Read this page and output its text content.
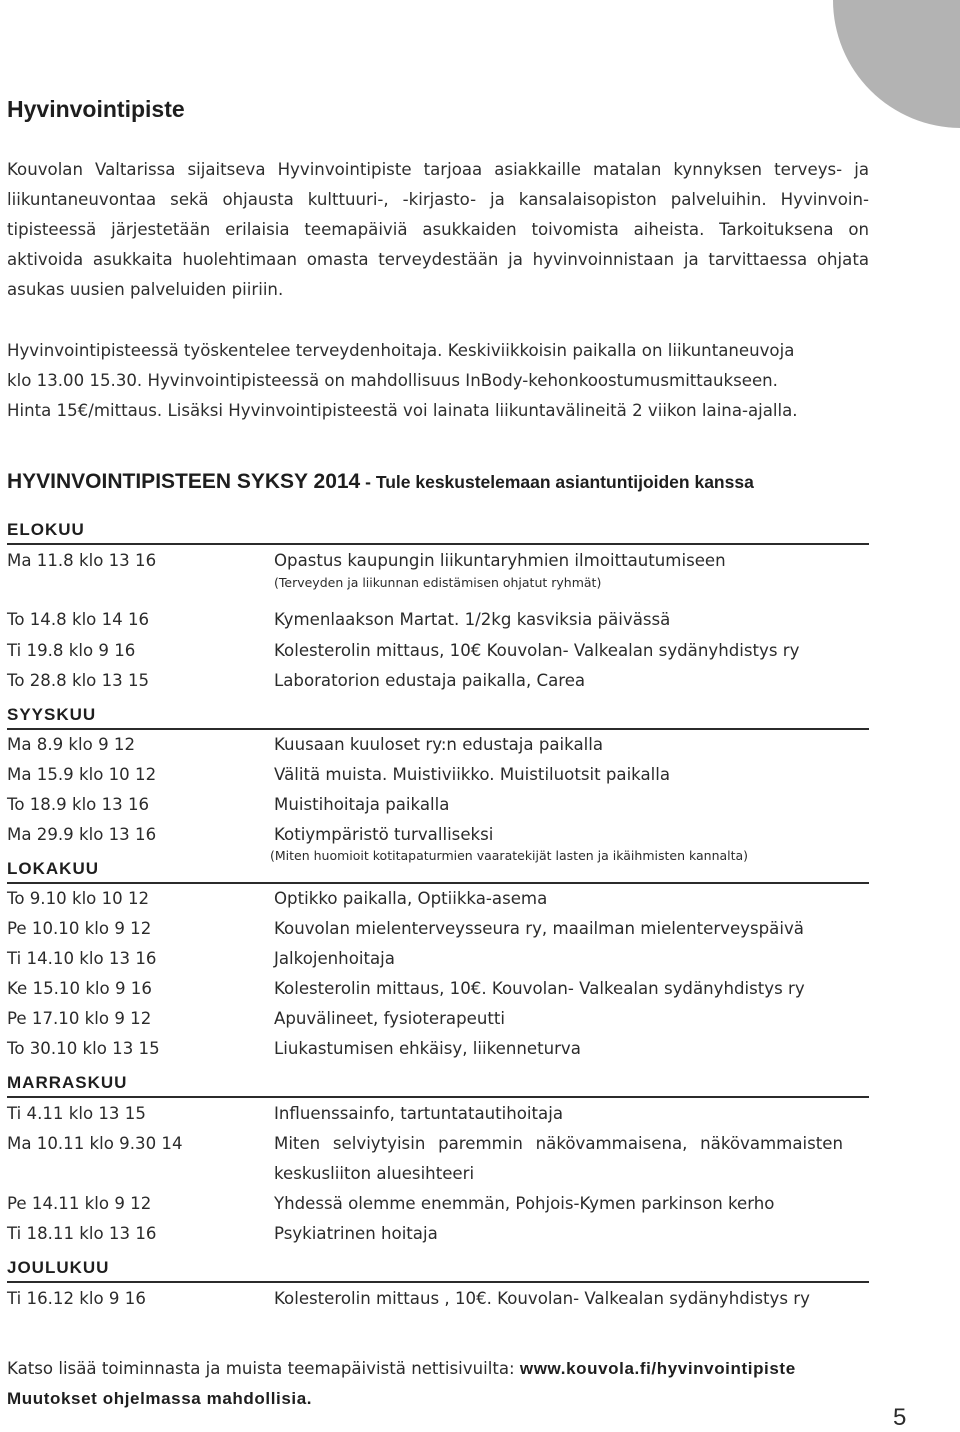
Hyvinvointipiste
Kouvolan Valtarissa sijaitseva Hyvinvointipiste tarjoaa asiakkaille matalan kynnyksen terveys- ja
liikuntaneuvontaa sekä ohjausta kulttuuri-, -kirjasto- ja kansalaisopiston palveluihin. Hyvinvoin-
tipisteessä järjestetään erilaisia teemapäiviä asukkaiden toivomista aiheista. Tarkoituksena on
aktivoida asukkaita huolehtimaan omasta terveydestään ja hyvinvoinnistaan ja tarvittaessa ohjata
asukas uusien palveluiden piiriin.
Hyvinvointipisteessä työskentelee terveydenhoitaja. Keskiviikkoisin paikalla on liikuntaneuvoja
klo 13.00 15.30. Hyvinvointipisteessä on mahdollisuus InBody-kehonkoostumusmittaukseen.
Hinta 15€/mittaus. Lisäksi Hyvinvointipisteestä voi lainata liikuntavälineitä 2 viikon laina-ajalla.
HYVINVOINTIPISTEEN SYKSY 2014 - Tule keskustelemaan asiantuntijoiden kanssa
ELOKUU
Ma 11.8 klo 13 16	Opastus kaupungin liikuntaryhmien ilmoittautumiseen
(Terveyden ja liikunnan edistämisen ohjatut ryhmät)
To 14.8 klo 14 16	Kymenlaakson Martat. 1/2kg kasviksia päivässä
Ti 19.8 klo 9 16	Kolesterolin mittaus, 10€ Kouvolan- Valkealan sydänyhdistys ry
To 28.8 klo 13 15	Laboratorion edustaja paikalla, Carea
SYYSKUU
Ma 8.9 klo 9 12	Kuusaan kuuloset ry:n edustaja paikalla
Ma 15.9 klo 10 12	Välitä muista. Muistiviikko. Muistiluotsit paikalla
To 18.9 klo 13 16	Muistihoitaja paikalla
Ma 29.9 klo 13 16	Kotiympäristö turvalliseksi
(Miten huomioit kotitapaturmien vaaratekijät lasten ja ikäihmisten kannalta)
LOKAKUU
To 9.10 klo 10 12	Optikko paikalla, Optiikka-asema
Pe 10.10 klo 9 12	Kouvolan mielenterveysseura ry, maailman mielenterveyspäivä
Ti 14.10 klo 13 16	Jalkojenhoitaja
Ke 15.10 klo 9 16	Kolesterolin mittaus, 10€. Kouvolan- Valkealan sydänyhdistys ry
Pe 17.10 klo 9 12	Apuvälineet, fysioterapeutti
To 30.10 klo 13 15	Liukastumisen ehkäisy, liikenneturva
MARRASKUU
Ti 4.11 klo 13 15	Influenssainfo, tartuntatautihoitaja
Ma 10.11 klo 9.30 14	Miten selviytyisin paremmin näkövammaisena, näkövammaisten
keskusliiton aluesihteeri
Pe 14.11 klo 9 12	Yhdessä olemme enemmän, Pohjois-Kymen parkinson kerho
Ti 18.11 klo 13 16	Psykiatrinen hoitaja
JOULUKUU
Ti 16.12 klo 9 16	Kolesterolin mittaus , 10€. Kouvolan- Valkealan sydänyhdistys ry
Katso lisää toiminnasta ja muista teemapäivistä nettisivuilta: www.kouvola.fi/hyvinvointipiste
Muutokset ohjelmassa mahdollisia.
5
